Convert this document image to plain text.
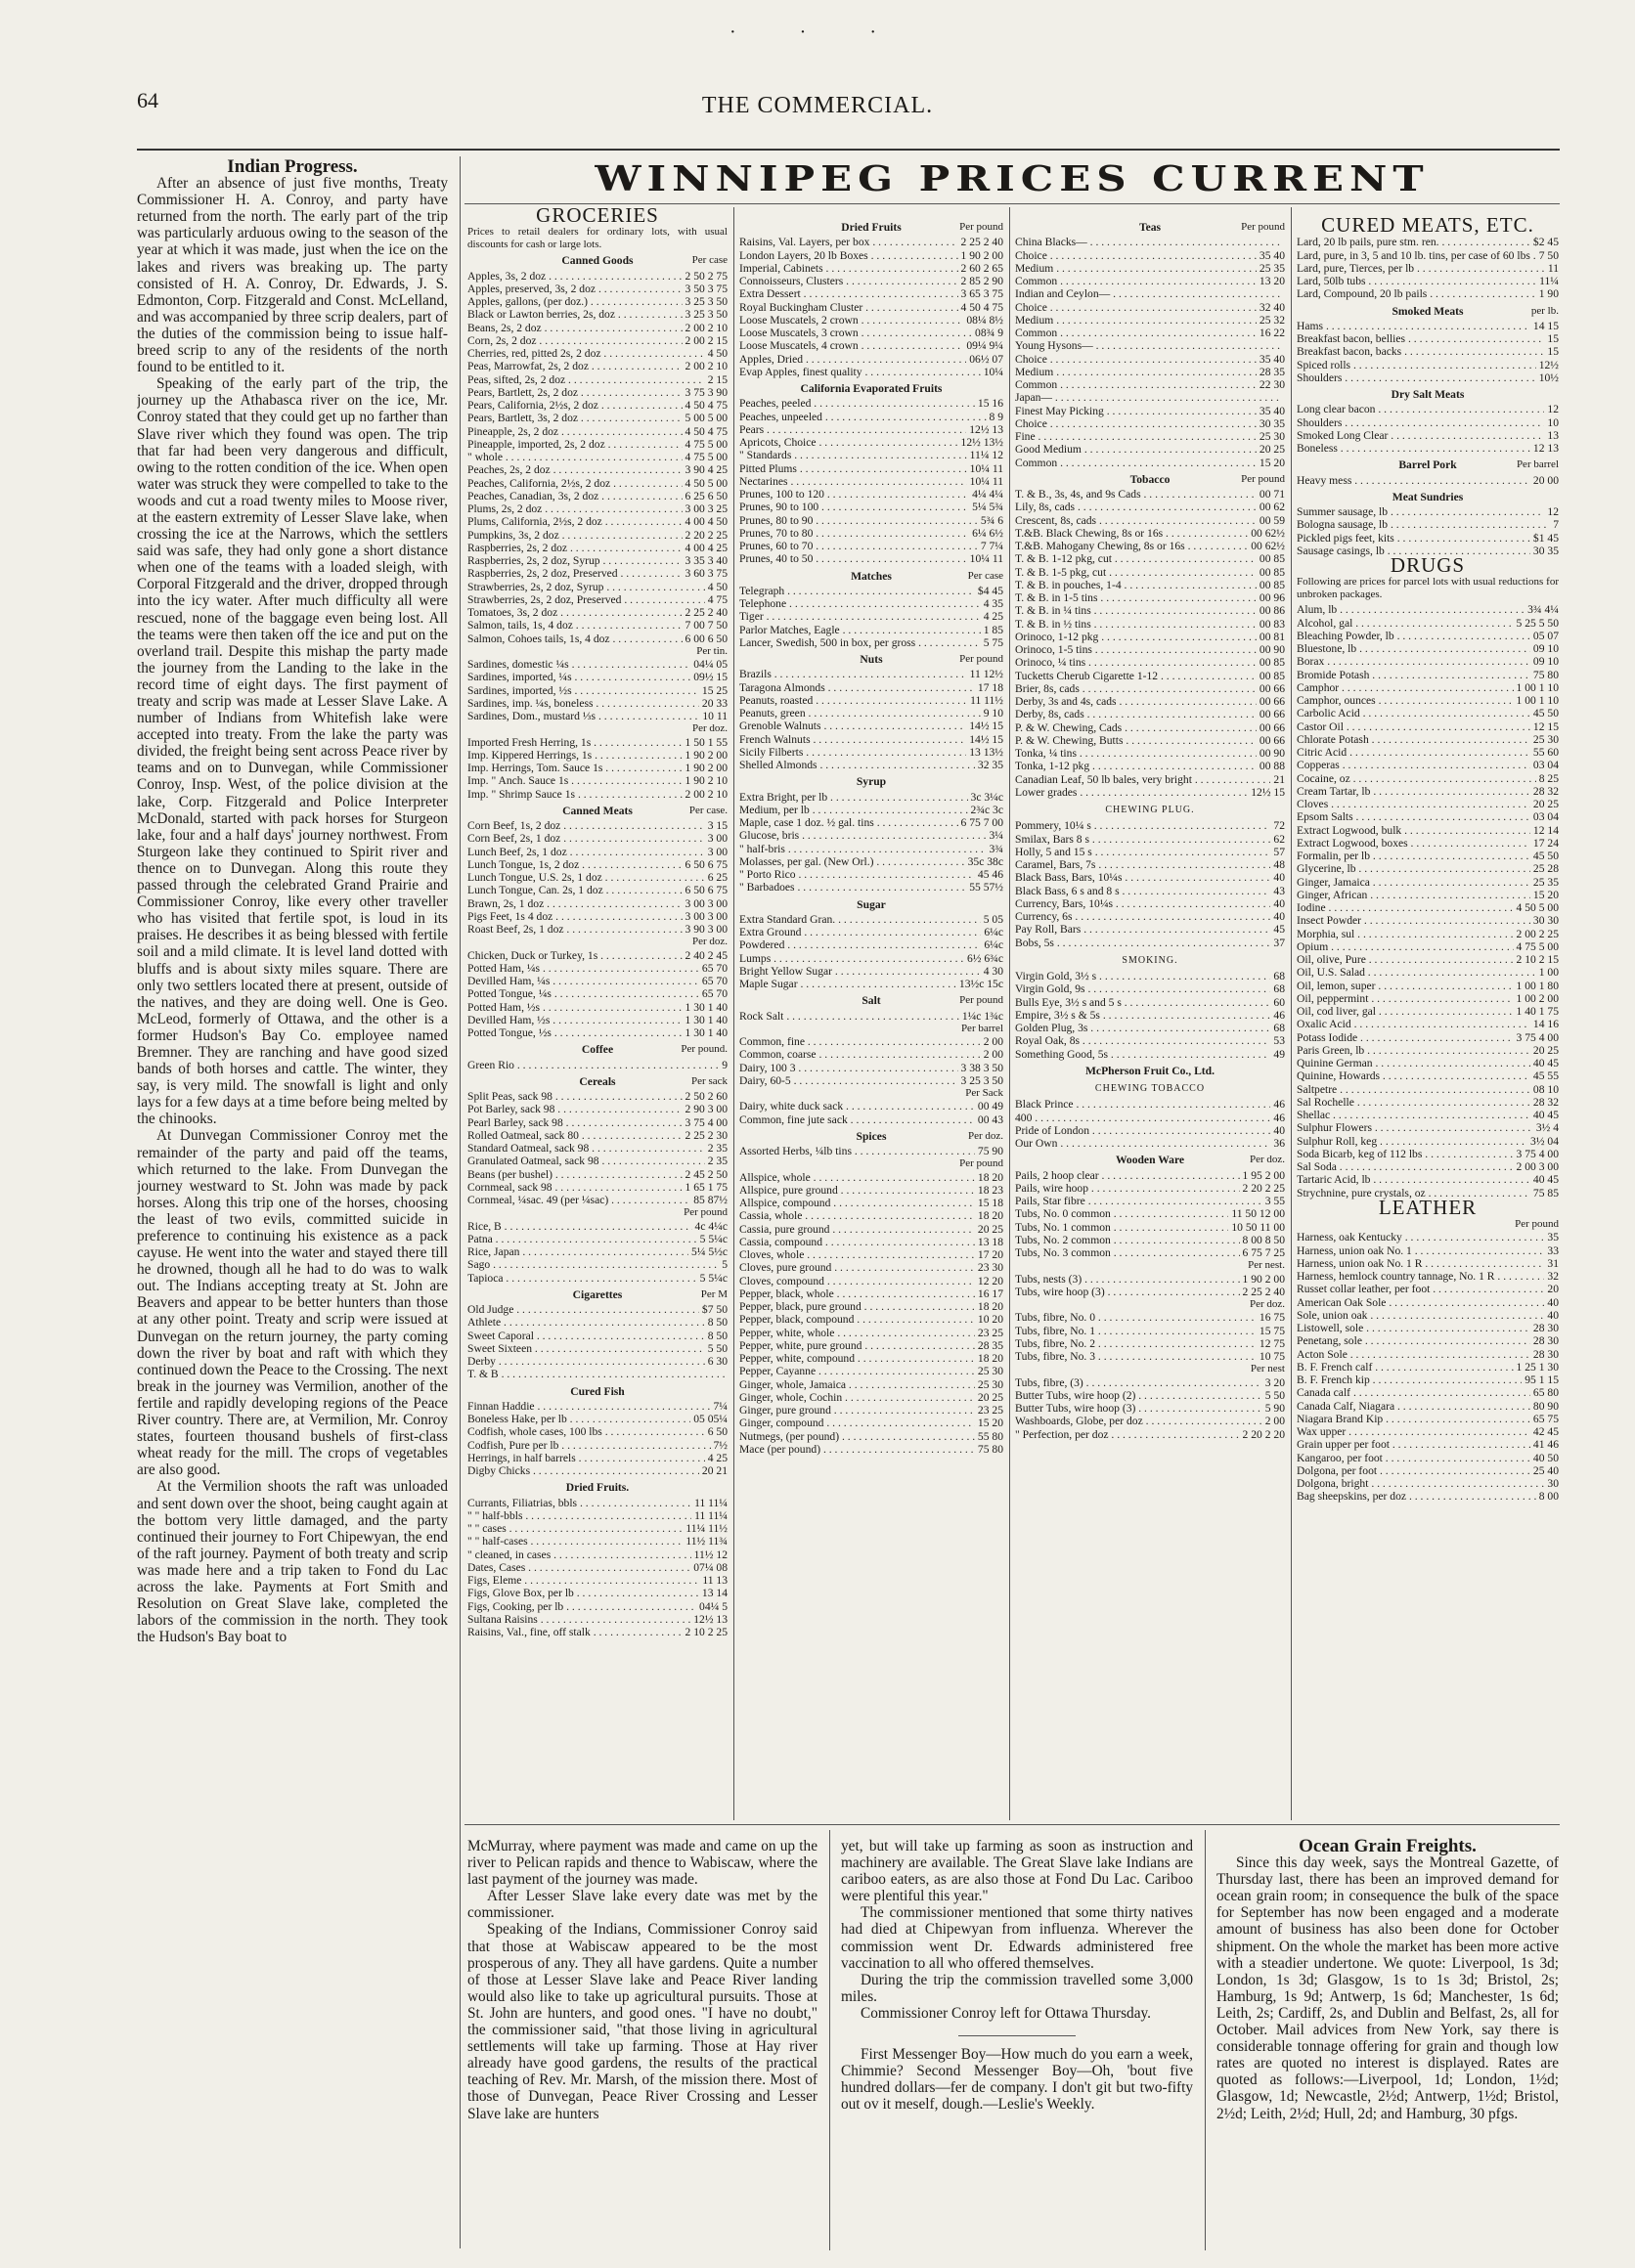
· · ·
64	THE COMMERCIAL.

Indian Progress.

After an absence of just five months, Treaty Commissioner H. A. Conroy, and party have returned from the north. The early part of the trip was particularly arduous owing to the season of the year at which it was made, just when the ice on the lakes and rivers was breaking up. The party consisted of H. A. Conroy, Dr. Edwards, J. S. Edmonton, Corp. Fitzgerald and Const. McLelland, and was accompanied by three scrip dealers, part of the duties of the commission being to issue half-breed scrip to any of the residents of the north found to be entitled to it.

Speaking of the early part of the trip, the journey up the Athabasca river on the ice, Mr. Conroy stated that they could get up no farther than Slave river which they found was open. The trip that far had been very dangerous and difficult, owing to the rotten condition of the ice. When open water was struck they were compelled to take to the woods and cut a road twenty miles to Moose river, at the eastern extremity of Lesser Slave lake, when crossing the ice at the Narrows, which the settlers said was safe, they had only gone a short distance when one of the teams with a loaded sleigh, with Corporal Fitzgerald and the driver, dropped through into the icy water. After much difficulty all were rescued, none of the baggage even being lost. All the teams were then taken off the ice and put on the overland trail. Despite this mishap the party made the journey from the Landing to the lake in the record time of eight days. The first payment of treaty and scrip was made at Lesser Slave Lake. A number of Indians from Whitefish lake were accepted into treaty. From the lake the party was divided, the freight being sent across Peace river by teams and on to Dunvegan, while Commissioner Conroy, Insp. West, of the police division at the lake, Corp. Fitzgerald and Police Interpreter McDonald, started with pack horses for Sturgeon lake, four and a half days' journey northwest. From Sturgeon lake they continued to Spirit river and thence on to Dunvegan. Along this route they passed through the celebrated Grand Prairie and Commissioner Conroy, like every other traveller who has visited that fertile spot, is loud in its praises. He describes it as being blessed with fertile soil and a mild climate. It is level land dotted with bluffs and is about sixty miles square. There are only two settlers located there at present, outside of the natives, and they are doing well. One is Geo. McLeod, formerly of Ottawa, and the other is a former Hudson's Bay Co. employee named Bremner. They are ranching and have good sized bands of both horses and cattle. The winter, they say, is very mild. The snowfall is light and only lays for a few days at a time before being melted by the chinooks.

At Dunvegan Commissioner Conroy met the remainder of the party and paid off the teams, which returned to the lake. From Dunvegan the journey westward to St. John was made by pack horses. Along this trip one of the horses, choosing the least of two evils, committed suicide in preference to continuing his existence as a pack cayuse. He went into the water and stayed there till he drowned, though all he had to do was to walk out. The Indians accepting treaty at St. John are Beavers and appear to be better hunters than those at any other point. Treaty and scrip were issued at Dunvegan on the return journey, the party coming down the river by boat and raft with which they continued down the Peace to the Crossing. The next break in the journey was Vermilion, another of the fertile and rapidly developing regions of the Peace River country. There are, at Vermilion, Mr. Conroy states, fourteen thousand bushels of first-class wheat ready for the mill. The crops of vegetables are also good.

At the Vermilion shoots the raft was unloaded and sent down over the shoot, being caught again at the bottom very little damaged, and the party continued their journey to Fort Chipewyan, the end of the raft journey. Payment of both treaty and scrip was made here and a trip taken to Fond du Lac across the lake. Payments at Fort Smith and Resolution on Great Slave lake, completed the labors of the commission in the north. They took the Hudson's Bay boat to

WINNIPEG PRICES CURRENT
GROCERIES
Prices to retail dealers for ordinary lots, with usual discounts for cash or large lots.
Canned Goods	Per case
Apples, 3s, 2 doz . . .	2 50 2 75
Apples, preserved, 3s, 2 doz . . .	3 50 3 75
Apples, gallons, (per doz.) . . .	3 25 3 50
Black or Lawton berries, 2s, doz . . .	3 25 3 50
Beans, 2s, 2 doz . . .	2 00 2 10
Corn, 2s, 2 doz . . .	2 00 2 15
Cherries, red, pitted 2s, 2 doz . . .	4 50
Peas, Marrowfat, 2s, 2 doz . . .	2 00 2 10
Peas, sifted, 2s, 2 doz . . .	2 15
Pears, Bartlett, 2s, 2 doz . . .	3 75 3 90
Pears, California, 2½s, 2 doz . . .	4 50 4 75
Pears, Bartlett, 3s, 2 doz . . .	5 00 5 00
Pineapple, 2s, 2 doz . . .	4 50 4 75
Pineapple, imported, 2s, 2 doz . . .	4 75 5 00
" whole . . .	4 75 5 00
Peaches, 2s, 2 doz . . .	3 90 4 25
Peaches, California, 2½s, 2 doz . . .	4 50 5 00
Peaches, Canadian, 3s, 2 doz . . .	6 25 6 50
Plums, 2s, 2 doz . . .	3 00 3 25
Plums, California, 2½s, 2 doz . . .	4 00 4 50
Pumpkins, 3s, 2 doz . . .	2 20 2 25
Raspberries, 2s, 2 doz . . .	4 00 4 25
Raspberries, 2s, 2 doz, Syrup . . .	3 35 3 40
Raspberries, 2s, 2 doz, Preserved . . .	3 60 3 75
Strawberries, 2s, 2 doz, Syrup . . .	4 50
Strawberries, 2s, 2 doz, Preserved . . .	4 75
Tomatoes, 3s, 2 doz . . .	2 25 2 40
Salmon, tails, 1s, 4 doz . . .	7 00 7 50
Salmon, Cohoes tails, 1s, 4 doz . . .	6 00 6 50
Per tin.
Sardines, domestic ¼s . . .	04¼ 05
Sardines, imported, ¼s . . .	09½ 15
Sardines, imported, ½s . . .	15 25
Sardines, imp. ¼s, boneless . . .	20 33
Sardines, Dom., mustard ⅓s . . .	10 11
Per doz.
Imported Fresh Herring, 1s . . .	1 50 1 55
Imp. Kippered Herrings, 1s . . .	1 90 2 00
Imp. Herrings, Tom. Sauce 1s . . .	1 90 2 00
Imp. " Anch. Sauce 1s . . .	1 90 2 10
Imp. " Shrimp Sauce 1s . . .	2 00 2 10
Canned Meats	Per case.
Corn Beef, 1s, 2 doz . . .	3 15
Corn Beef, 2s, 1 doz . . .	3 00
Lunch Beef, 2s, 1 doz . . .	3 00
Lunch Tongue, 1s, 2 doz . . .	6 50 6 75
Lunch Tongue, U.S. 2s, 1 doz . . .	6 25
Lunch Tongue, Can. 2s, 1 doz . . .	6 50 6 75
Brawn, 2s, 1 doz . . .	3 00 3 00
Pigs Feet, 1s 4 doz . . .	3 00 3 00
Roast Beef, 2s, 1 doz . . .	3 90 3 00
Per doz.
Chicken, Duck or Turkey, 1s . . .	2 40 2 45
Potted Ham, ¼s . . .	65 70
Devilled Ham, ¼s . . .	65 70
Potted Tongue, ¼s . . .	65 70
Potted Ham, ½s . . .	1 30 1 40
Devilled Ham, ½s . . .	1 30 1 40
Potted Tongue, ½s . . .	1 30 1 40
Coffee	Per pound.
Green Rio . . .	9
Cereals	Per sack
Split Peas, sack 98 . . .	2 50 2 60
Pot Barley, sack 98 . . .	2 90 3 00
Pearl Barley, sack 98 . . .	3 75 4 00
Rolled Oatmeal, sack 80 . . .	2 25 2 30
Standard Oatmeal, sack 98 . . .	2 35
Granulated Oatmeal, sack 98 . . .	2 35
Beans (per bushel) . . .	2 45 2 50
Cornmeal, sack 98 . . .	1 65 1 75
Cornmeal, ¼sac. 49 (per ¼sac) . . .	85 87½
Per pound
Rice, B . . .	4c 4¼c
Patna . . .	5 5¼c
Rice, Japan . . .	5¼ 5½c
Sago . . .	5
Tapioca . . .	5 5¼c
Cigarettes	Per M
Old Judge . . .	$7 50
Athlete . . .	8 50
Sweet Caporal . . .	8 50
Sweet Sixteen . . .	5 50
Derby . . .	6 30
T. & B . . .
Cured Fish
Finnan Haddie . . .	7¼
Boneless Hake, per lb . . .	05 05¼
Codfish, whole cases, 100 lbs . . .	6 50
Codfish, Pure per lb . . .	7½
Herrings, in half barrels . . .	4 25
Digby Chicks . . .	20 21
Dried Fruits.
Currants, Filiatrias, bbls . . .	11 11¼
" " half-bbls . . .	11 11¼
" " cases . . .	11¼ 11½
" " half-cases . . .	11½ 11¾
" cleaned, in cases . . .	11½ 12
Dates, Cases . . .	07¼ 08
Figs, Eleme . . .	11 13
Figs, Glove Box, per lb . . .	13 14
Figs, Cooking, per lb . . .	04¼ 5
Sultana Raisins . . .	12½ 13
Raisins, Val., fine, off stalk . . .	2 10 2 25
Dried Fruits	Per pound
Raisins, Val. Layers, per box . . .	2 25 2 40
London Layers, 20 lb Boxes . . .	1 90 2 00
Imperial, Cabinets . . .	2 60 2 65
Connoisseurs, Clusters . . .	2 85 2 90
Extra Dessert . . .	3 65 3 75
Royal Buckingham Cluster . . .	4 50 4 75
Loose Muscatels, 2 crown . . .	08¼ 8½
Loose Muscatels, 3 crown . . .	08¾ 9
Loose Muscatels, 4 crown . . .	09¼ 9¼
Apples, Dried . . .	06½ 07
Evap Apples, finest quality . . .	10¼
California Evaporated Fruits
Peaches, peeled . . .	15 16
Peaches, unpeeled . . .	8 9
Pears . . .	12½ 13
Apricots, Choice . . .	12½ 13½
" Standards . . .	11¼ 12
Pitted Plums . . .	10¼ 11
Nectarines . . .	10¼ 11
Prunes, 100 to 120 . . .	4¼ 4¼
Prunes, 90 to 100 . . .	5¼ 5¾
Prunes, 80 to 90 . . .	5¾ 6
Prunes, 70 to 80 . . .	6¼ 6½
Prunes, 60 to 70 . . .	7 7¼
Prunes, 40 to 50 . . .	10¼ 11
Matches	Per case
Telegraph . . .	$4 45
Telephone . . .	4 35
Tiger . . .	4 25
Parlor Matches, Eagle . . .	1 85
Lancer, Swedish, 500 in box, per gross . . .	5 75
Nuts	Per pound
Brazils . . .	11 12½
Taragona Almonds . . .	17 18
Peanuts, roasted . . .	11 11½
Peanuts, green . . .	9 10
Grenoble Walnuts . . .	14½ 15
French Walnuts . . .	14½ 15
Sicily Filberts . . .	13 13½
Shelled Almonds . . .	32 35
Syrup
Extra Bright, per lb . . .	3c 3¼c
Medium, per lb . . .	2¾c 3c
Maple, case 1 doz. ½ gal. tins . . .	6 75 7 00
Glucose, bris . . .	3¼
" half-bris . . .	3¾
Molasses, per gal. (New Orl.) . . .	35c 38c
" Porto Rico . . .	45 46
" Barbadoes . . .	55 57½
Sugar
Extra Standard Gran. . . .	5 05
Extra Ground . . .	6¼c
Powdered . . .	6¼c
Lumps . . .	6½ 6¾c
Bright Yellow Sugar . . .	4 30
Maple Sugar . . .	13½c 15c
Salt	Per pound
Rock Salt . . .	1¼c 1¾c
Per barrel
Common, fine . . .	2 00
Common, coarse . . .	2 00
Dairy, 100 3 . . .	3 38 3 50
Dairy, 60-5 . . .	3 25 3 50
Per Sack
Dairy, white duck sack . . .	00 49
Common, fine jute sack . . .	00 43
Spices	Per doz.
Assorted Herbs, ¼lb tins . . .	75 90
Per pound
Allspice, whole . . .	18 20
Allspice, pure ground . . .	18 23
Allspice, compound . . .	15 18
Cassia, whole . . .	18 20
Cassia, pure ground . . .	20 25
Cassia, compound . . .	13 18
Cloves, whole . . .	17 20
Cloves, pure ground . . .	23 30
Cloves, compound . . .	12 20
Pepper, black, whole . . .	16 17
Pepper, black, pure ground . . .	18 20
Pepper, black, compound . . .	10 20
Pepper, white, whole . . .	23 25
Pepper, white, pure ground . . .	28 35
Pepper, white, compound . . .	18 20
Pepper, Cayanne . . .	25 30
Ginger, whole, Jamaica . . .	25 30
Ginger, whole, Cochin . . .	20 25
Ginger, pure ground . . .	23 25
Ginger, compound . . .	15 20
Nutmegs, (per pound) . . .	55 80
Mace (per pound) . . .	75 80
Teas	Per pound
China Blacks— . . .
Choice . . .	35 40
Medium . . .	25 35
Common . . .	13 20
Indian and Ceylon— . . .
Choice . . .	32 40
Medium . . .	25 32
Common . . .	16 22
Young Hysons— . . .
Choice . . .	35 40
Medium . . .	28 35
Common . . .	22 30
Japan— . . .
Finest May Picking . . .	35 40
Choice . . .	30 35
Fine . . .	25 30
Good Medium . . .	20 25
Common . . .	15 20
Tobacco	Per pound
T. & B., 3s, 4s, and 9s Cads . . .	00 71
Lily, 8s, cads . . .	00 62
Crescent, 8s, cads . . .	00 59
T.&B. Black Chewing, 8s or 16s . . .	00 62½
T.&B. Mahogany Chewing, 8s or 16s . . .	00 62½
T. & B. 1-12 pkg, cut . . .	00 85
T. & B. 1-5 pkg, cut . . .	00 85
T. & B. in pouches, 1-4 . . .	00 85
T. & B. in 1-5 tins . . .	00 96
T. & B. in ¼ tins . . .	00 86
T. & B. in ½ tins . . .	00 83
Orinoco, 1-12 pkg . . .	00 81
Orinoco, 1-5 tins . . .	00 90
Orinoco, ¼ tins . . .	00 85
Tucketts Cherub Cigarette 1-12 . . .	00 85
Brier, 8s, cads . . .	00 66
Derby, 3s and 4s, cads . . .	00 66
Derby, 8s, cads . . .	00 66
P. & W. Chewing, Cads . . .	00 66
P. & W. Chewing, Butts . . .	00 66
Tonka, ¼ tins . . .	00 90
Tonka, 1-12 pkg . . .	00 88
Canadian Leaf, 50 lb bales, very bright . . .	21
Lower grades . . .	12½ 15
CHEWING PLUG.
Pommery, 10¼ s . . .	72
Smilax, Bars 8 s . . .	62
Holly, 5 and 15 s . . .	57
Caramel, Bars, 7s . . .	48
Black Bass, Bars, 10¼s . . .	40
Black Bass, 6 s and 8 s . . .	43
Currency, Bars, 10¼s . . .	40
Currency, 6s . . .	40
Pay Roll, Bars . . .	45
Bobs, 5s . . .	37
SMOKING.
Virgin Gold, 3½ s . . .	68
Virgin Gold, 9s . . .	68
Bulls Eye, 3½ s and 5 s . . .	60
Empire, 3½ s & 5s . . .	46
Golden Plug, 3s . . .	68
Royal Oak, 8s . . .	53
Something Good, 5s . . .	49
McPherson Fruit Co., Ltd.
CHEWING TOBACCO
Black Prince . . .	46
400 . . .	46
Pride of London . . .	40
Our Own . . .	36
Wooden Ware	Per doz.
Pails, 2 hoop clear . . .	1 95 2 00
Pails, wire hoop . . .	2 20 2 25
Pails, Star fibre . . .	3 55
Tubs, No. 0 common . . .	11 50 12 00
Tubs, No. 1 common . . .	10 50 11 00
Tubs, No. 2 common . . .	8 00 8 50
Tubs, No. 3 common . . .	6 75 7 25
Per nest.
Tubs, nests (3) . . .	1 90 2 00
Tubs, wire hoop (3) . . .	2 25 2 40
Per doz.
Tubs, fibre, No. 0 . . .	16 75
Tubs, fibre, No. 1 . . .	15 75
Tubs, fibre, No. 2 . . .	12 75
Tubs, fibre, No. 3 . . .	10 75
Per nest
Tubs, fibre, (3) . . .	3 20
Butter Tubs, wire hoop (2) . . .	5 50
Butter Tubs, wire hoop (3) . . .	5 90
Washboards, Globe, per doz . . .	2 00
" Perfection, per doz . . .	2 20 2 20
CURED MEATS, ETC.
Lard, 20 lb pails, pure stm. ren. . . .	$2 45
Lard, pure, in 3, 5 and 10 lb. tins, per case of 60 lbs . . . 7 50
Lard, pure, Tierces, per lb . . .	11
Lard, 50lb tubs . . .	11¼
Lard, Compound, 20 lb pails . . .	1 90
Smoked Meats	per lb.
Hams . . .	14 15
Breakfast bacon, bellies . . .	15
Breakfast bacon, backs . . .	15
Spiced rolls . . .	12½
Shoulders . . .	10½
Dry Salt Meats
Long clear bacon . . .	12
Shoulders . . .	10
Smoked Long Clear . . .	13
Boneless . . .	12 13
Barrel Pork	Per barrel
Heavy mess . . .	20 00
Meat Sundries
Summer sausage, lb . . .	12
Bologna sausage, lb . . .	7
Pickled pigs feet, kits . . .	$1 45
Sausage casings, lb . . .	30 35
DRUGS
Following are prices for parcel lots with usual reductions for unbroken packages.
Alum, lb . . .	3¾ 4¼
Alcohol, gal . . .	5 25 5 50
Bleaching Powder, lb . . .	05 07
Bluestone, lb . . .	09 10
Borax . . .	09 10
Bromide Potash . . .	75 80
Camphor . . .	1 00 1 10
Camphor, ounces . . .	1 00 1 10
Carbolic Acid . . .	45 50
Castor Oil . . .	12 15
Chlorate Potash . . .	25 30
Citric Acid . . .	55 60
Copperas . . .	03 04
Cocaine, oz . . .	8 25
Cream Tartar, lb . . .	28 32
Cloves . . .	20 25
Epsom Salts . . .	03 04
Extract Logwood, bulk . . .	12 14
Extract Logwood, boxes . . .	17 24
Formalin, per lb . . .	45 50
Glycerine, lb . . .	25 28
Ginger, Jamaica . . .	25 35
Ginger, African . . .	15 20
Iodine . . .	4 50 5 00
Insect Powder . . .	30 30
Morphia, sul . . .	2 00 2 25
Opium . . .	4 75 5 00
Oil, olive, Pure . . .	2 10 2 15
Oil, U.S. Salad . . .	1 00
Oil, lemon, super . . .	1 00 1 80
Oil, peppermint . . .	1 00 2 00
Oil, cod liver, gal . . .	1 40 1 75
Oxalic Acid . . .	14 16
Potass Iodide . . .	3 75 4 00
Paris Green, lb . . .	20 25
Quinine German . . .	40 45
Quinine, Howards . . .	45 55
Saltpetre . . .	08 10
Sal Rochelle . . .	28 32
Shellac . . .	40 45
Sulphur Flowers . . .	3½ 4
Sulphur Roll, keg . . .	3½ 04
Soda Bicarb, keg of 112 lbs . . .	3 75 4 00
Sal Soda . . .	2 00 3 00
Tartaric Acid, lb . . .	40 45
Strychnine, pure crystals, oz . . .	75 85
LEATHER
Per pound
Harness, oak Kentucky . . .	35
Harness, union oak No. 1 . . .	33
Harness, union oak No. 1 R . . .	31
Harness, hemlock country tannage, No. 1 R . . .	32
Russet collar leather, per foot . . .	20
American Oak Sole . . .	40
Sole, union oak . . .	40
Listowell, sole . . .	28 30
Penetang, sole . . .	28 30
Acton Sole . . .	28 30
B. F. French calf . . .	1 25 1 30
B. F. French kip . . .	95 1 15
Canada calf . . .	65 80
Canada Calf, Niagara . . .	80 90
Niagara Brand Kip . . .	65 75
Wax upper . . .	42 45
Grain upper per foot . . .	41 46
Kangaroo, per foot . . .	40 50
Dolgona, per foot . . .	25 40
Dolgona, bright . . .	30
Bag sheepskins, per doz . . .	8 00

McMurray, where payment was made and came on up the river to Pelican rapids and thence to Wabiscaw, where the last payment of the journey was made.

After Lesser Slave lake every date was met by the commissioner.

Speaking of the Indians, Commissioner Conroy said that those at Wabiscaw appeared to be the most prosperous of any. They all have gardens. Quite a number of those at Lesser Slave lake and Peace River landing would also like to take up agricultural pursuits. Those at St. John are hunters, and good ones. "I have no doubt," the commissioner said, "that those living in agricultural settlements will take up farming. Those at Hay river already have good gardens, the results of the practical teaching of Rev. Mr. Marsh, of the mission there. Most of those of Dunvegan, Peace River Crossing and Lesser Slave lake are hunters

yet, but will take up farming as soon as instruction and machinery are available. The Great Slave lake Indians are cariboo eaters, as are also those at Fond Du Lac. Cariboo were plentiful this year."

The commissioner mentioned that some thirty natives had died at Chipewyan from influenza. Wherever the commission went Dr. Edwards administered free vaccination to all who offered themselves.

During the trip the commission travelled some 3,000 miles.

Commissioner Conroy left for Ottawa Thursday.

First Messenger Boy—How much do you earn a week, Chimmie? Second Messenger Boy—Oh, 'bout five hundred dollars—fer de company. I don't git but two-fifty out ov it meself, dough.—Leslie's Weekly.

Ocean Grain Freights.

Since this day week, says the Montreal Gazette, of Thursday last, there has been an improved demand for ocean grain room; in consequence the bulk of the space for September has now been engaged and a moderate amount of business has also been done for October shipment. On the whole the market has been more active with a steadier undertone. We quote: Liverpool, 1s 3d; London, 1s 3d; Glasgow, 1s to 1s 3d; Bristol, 2s; Hamburg, 1s 9d; Antwerp, 1s 6d; Manchester, 1s 6d; Leith, 2s; Cardiff, 2s, and Dublin and Belfast, 2s, all for October. Mail advices from New York, say there is considerable tonnage offering for grain and though low rates are quoted no interest is displayed. Rates are quoted as follows:—Liverpool, 1d; London, 1½d; Glasgow, 1d; Newcastle, 2½d; Antwerp, 1½d; Bristol, 2½d; Leith, 2½d; Hull, 2d; and Hamburg, 30 pfgs.
